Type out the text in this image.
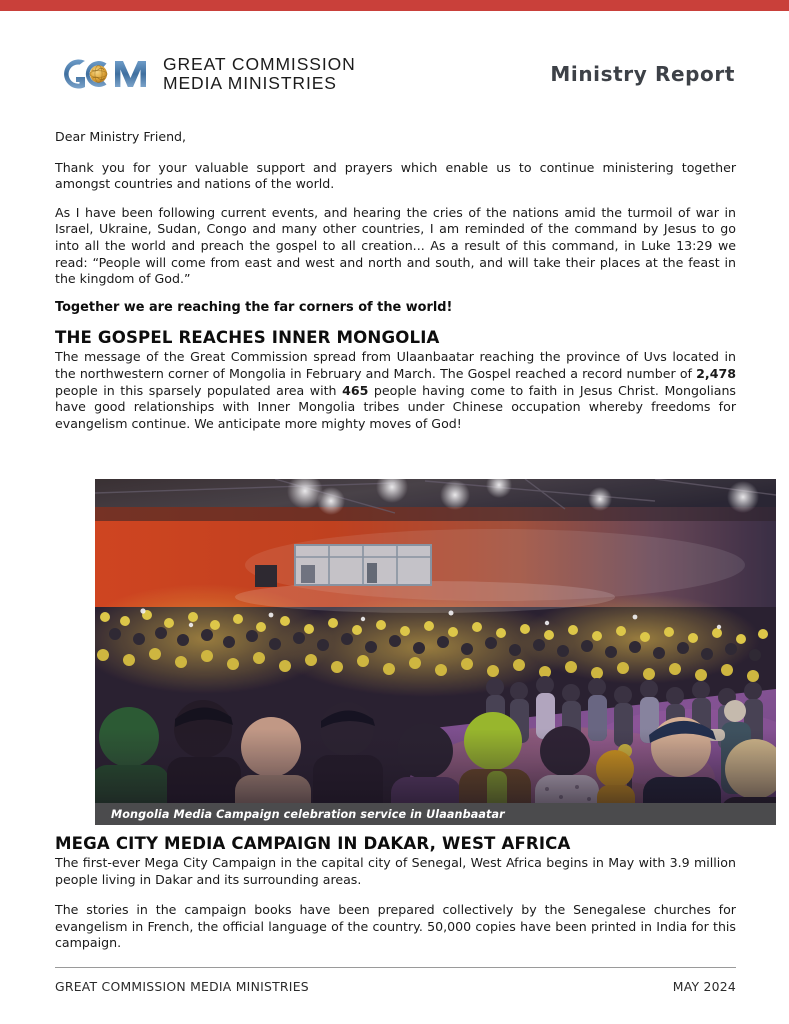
GREAT COMMISSION
MEDIA MINISTRIES	Ministry Report

Dear Ministry Friend,

Thank you for your valuable support and prayers which enable us to continue ministering together amongst countries and nations of the world.

As I have been following current events, and hearing the cries of the nations amid the turmoil of war in Israel, Ukraine, Sudan, Congo and many other countries, I am reminded of the command by Jesus to go into all the world and preach the gospel to all creation... As a result of this command, in Luke 13:29 we read: “People will come from east and west and north and south, and will take their places at the feast in the kingdom of God.”

Together we are reaching the far corners of the world!

THE GOSPEL REACHES INNER MONGOLIA

The message of the Great Commission spread from Ulaanbaatar reaching the province of Uvs located in the northwestern corner of Mongolia in February and March. The Gospel reached a record number of 2,478 people in this sparsely populated area with 465 people having come to faith in Jesus Christ. Mongolians have good relationships with Inner Mongolia tribes under Chinese occupation whereby freedoms for evangelism continue. We anticipate more mighty moves of God!

Mongolia Media Campaign celebration service in Ulaanbaatar
MEGA CITY MEDIA CAMPAIGN IN DAKAR, WEST AFRICA

The first-ever Mega City Campaign in the capital city of Senegal, West Africa begins in May with 3.9 million people living in Dakar and its surrounding areas.

The stories in the campaign books have been prepared collectively by the Senegalese churches for evangelism in French, the official language of the country. 50,000 copies have been printed in India for this campaign.

GREAT COMMISSION MEDIA MINISTRIES	MAY 2024
